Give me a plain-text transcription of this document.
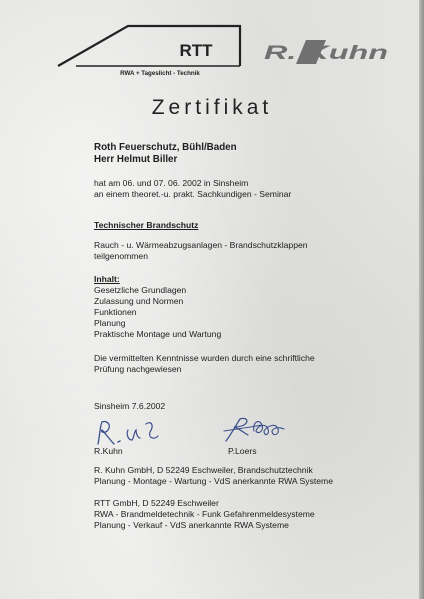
RTT
RWA + Tageslicht - Technik
R. Kuhn
Zertifikat
Roth Feuerschutz, Bühl/Baden
Herr Helmut Biller

hat am 06. und 07. 06. 2002 in Sinsheim

an einem theoret.-u. prakt. Sachkundigen - Seminar

Technischer Brandschutz

Rauch - u. Wärmeabzugsanlagen - Brandschutzklappen

teilgenommen

Inhalt:

Gesetzliche Grundlagen

Zulassung und Normen

Funktionen

Planung

Praktische Montage und Wartung

Die vermittelten Kenntnisse wurden durch eine schriftliche

Prüfung nachgewiesen

Sinsheim 7.6.2002
R.Kuhn	P.Loers

R. Kuhn GmbH, D 52249 Eschweiler, Brandschutztechnik

Planung - Montage - Wartung - VdS anerkannte RWA Systeme

RTT GmbH, D 52249 Eschweiler

RWA - Brandmeldetechnik - Funk Gefahrenmeldesysteme

Planung - Verkauf - VdS anerkannte RWA Systeme
